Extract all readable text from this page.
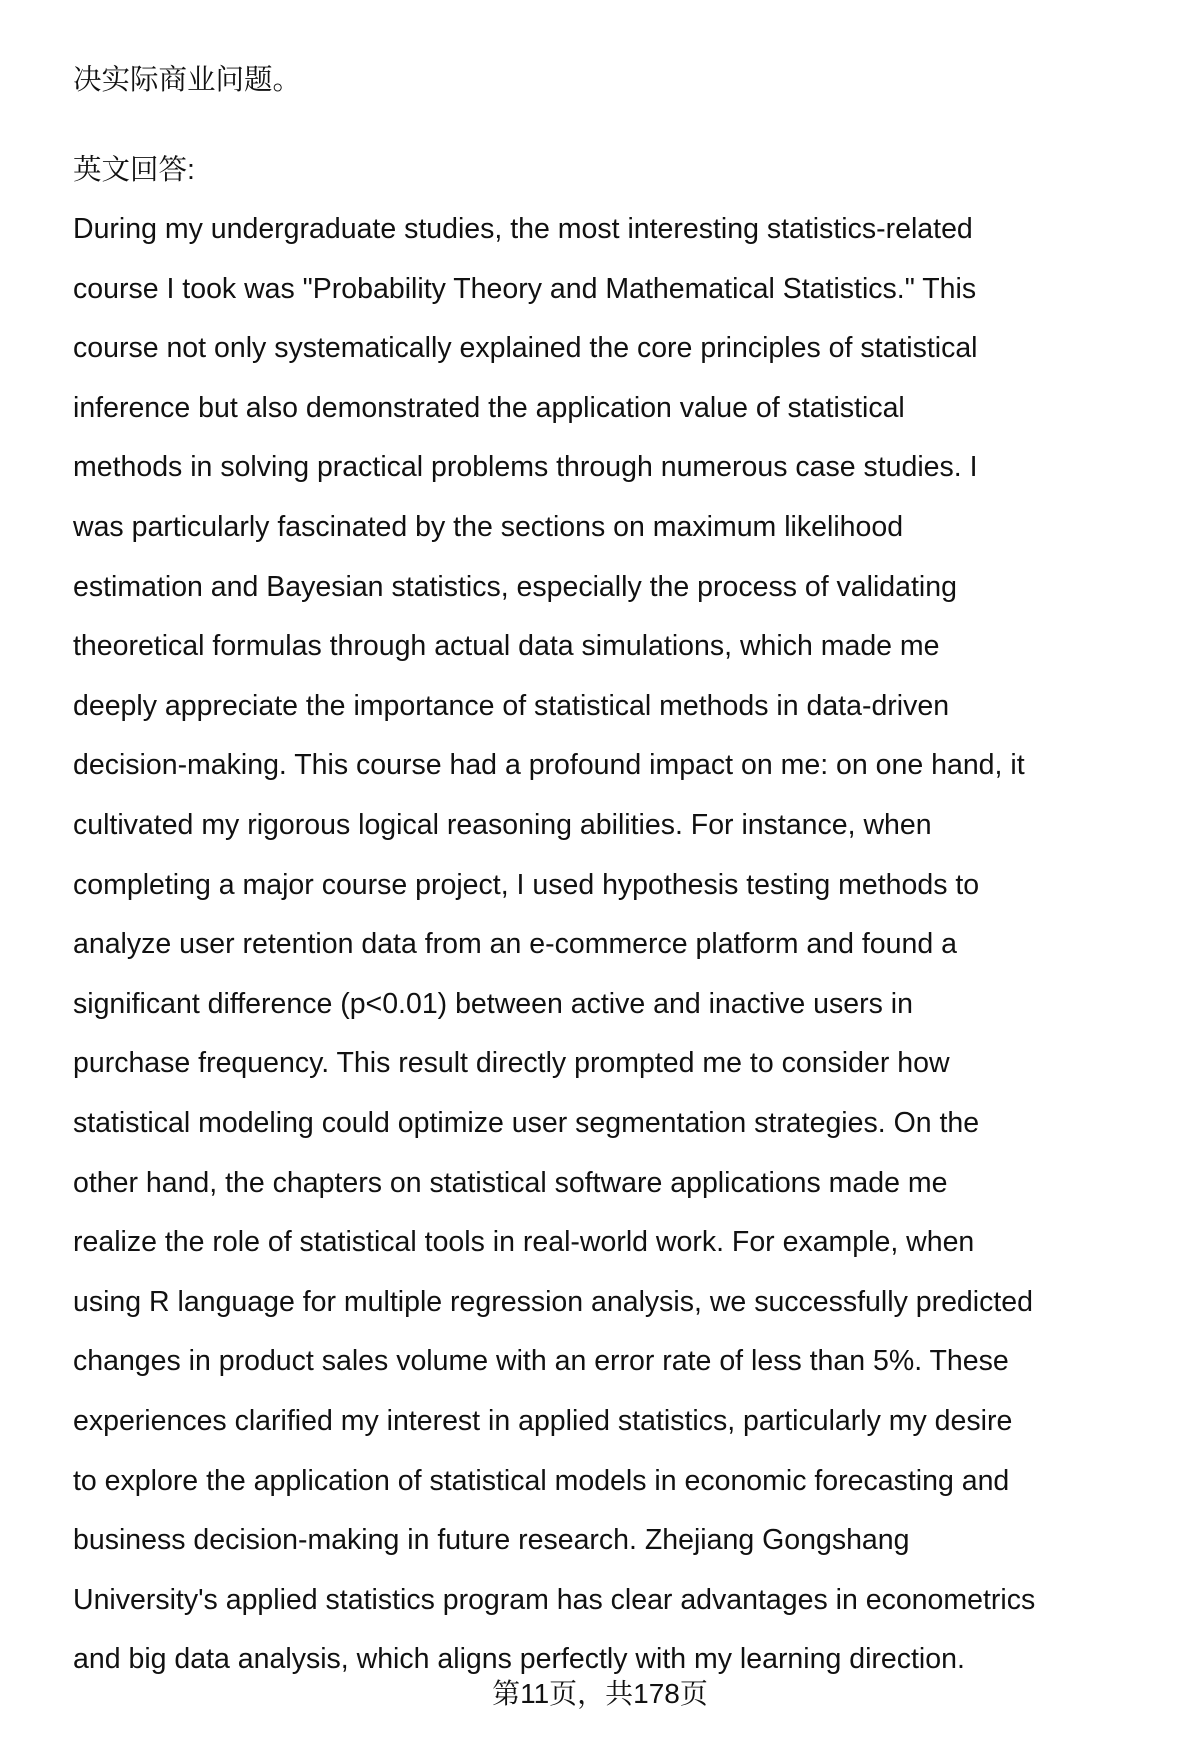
决实际商业问题。
英文回答:
During my undergraduate studies, the most interesting statistics-related
course I took was "Probability Theory and Mathematical Statistics." This
course not only systematically explained the core principles of statistical
inference but also demonstrated the application value of statistical
methods in solving practical problems through numerous case studies. I
was particularly fascinated by the sections on maximum likelihood
estimation and Bayesian statistics, especially the process of validating
theoretical formulas through actual data simulations, which made me
deeply appreciate the importance of statistical methods in data-driven
decision-making. This course had a profound impact on me: on one hand, it
cultivated my rigorous logical reasoning abilities. For instance, when
completing a major course project, I used hypothesis testing methods to
analyze user retention data from an e-commerce platform and found a
significant difference (p<0.01) between active and inactive users in
purchase frequency. This result directly prompted me to consider how
statistical modeling could optimize user segmentation strategies. On the
other hand, the chapters on statistical software applications made me
realize the role of statistical tools in real-world work. For example, when
using R language for multiple regression analysis, we successfully predicted
changes in product sales volume with an error rate of less than 5%. These
experiences clarified my interest in applied statistics, particularly my desire
to explore the application of statistical models in economic forecasting and
business decision-making in future research. Zhejiang Gongshang
University's applied statistics program has clear advantages in econometrics
and big data analysis, which aligns perfectly with my learning direction.
第11页，共178页
